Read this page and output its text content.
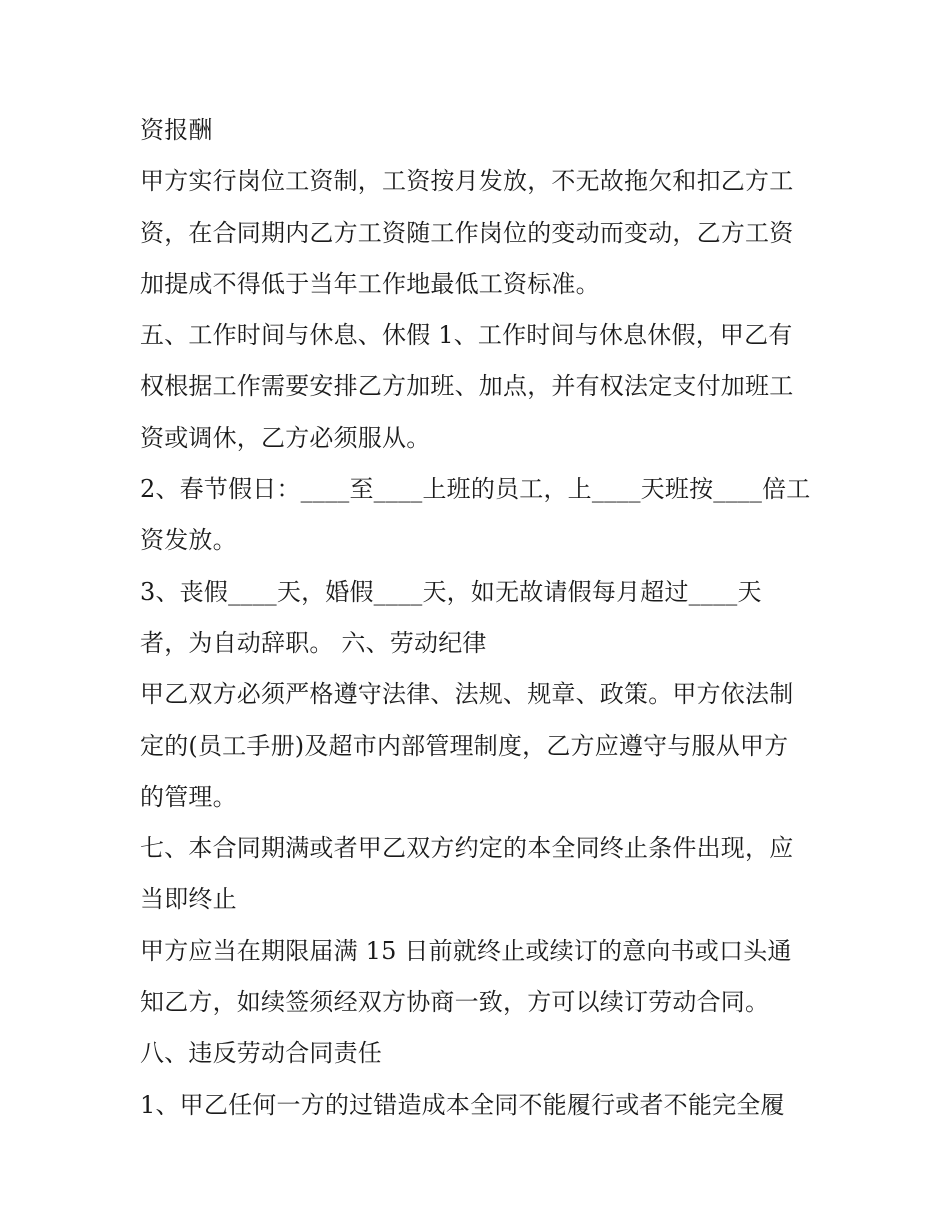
资报酬
甲方实行岗位工资制，工资按月发放，不无故拖欠和扣乙方工
资，在合同期内乙方工资随工作岗位的变动而变动，乙方工资
加提成不得低于当年工作地最低工资标准。
五、工作时间与休息、休假 1、工作时间与休息休假，甲乙有
权根据工作需要安排乙方加班、加点，并有权法定支付加班工
资或调休，乙方必须服从。
2、春节假日：____至____上班的员工，上____天班按____倍工
资发放。
3、丧假____天，婚假____天，如无故请假每月超过____天
者，为自动辞职。 六、劳动纪律
甲乙双方必须严格遵守法律、法规、规章、政策。甲方依法制
定的(员工手册)及超市内部管理制度，乙方应遵守与服从甲方
的管理。
七、本合同期满或者甲乙双方约定的本全同终止条件出现，应
当即终止
甲方应当在期限届满 15 日前就终止或续订的意向书或口头通
知乙方，如续签须经双方协商一致，方可以续订劳动合同。
八、违反劳动合同责任
1、甲乙任何一方的过错造成本全同不能履行或者不能完全履
